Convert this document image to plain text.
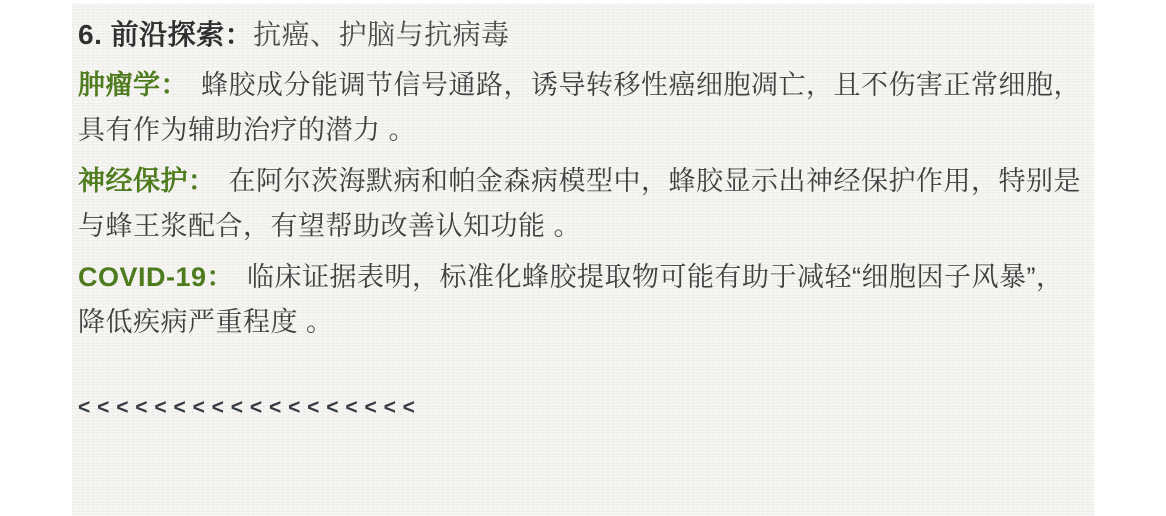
6. 前沿探索：抗癌、护脑与抗病毒
肿瘤学： 蜂胶成分能调节信号通路，诱导转移性癌细胞凋亡，且不伤害正常细胞，
具有作为辅助治疗的潜力 。
神经保护： 在阿尔茨海默病和帕金森病模型中，蜂胶显示出神经保护作用，特别是
与蜂王浆配合，有望帮助改善认知功能 。
COVID-19： 临床证据表明，标准化蜂胶提取物可能有助于减轻“细胞因子风暴”，
降低疾病严重程度 。
< < < < < < < < < < < < < < < < < <
